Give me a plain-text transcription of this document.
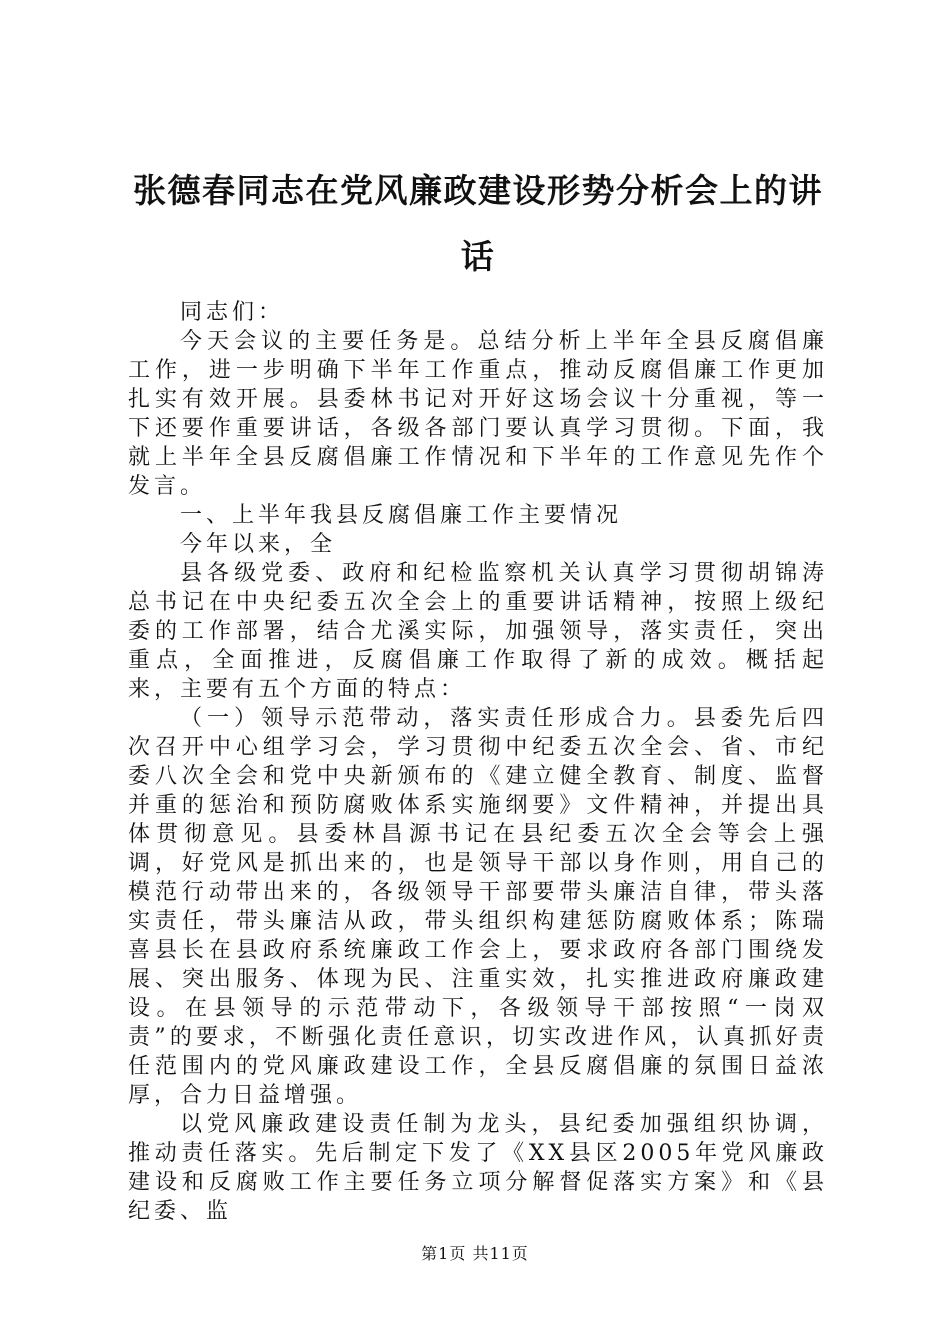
张德春同志在党风廉政建设形势分析会上的讲话

同志们：

今天会议的主要任务是。总结分析上半年全县反腐倡廉工作，进一步明确下半年工作重点，推动反腐倡廉工作更加扎实有效开展。县委林书记对开好这场会议十分重视，等一下还要作重要讲话，各级各部门要认真学习贯彻。下面，我就上半年全县反腐倡廉工作情况和下半年的工作意见先作个发言。

一、上半年我县反腐倡廉工作主要情况

今年以来，全

县各级党委、政府和纪检监察机关认真学习贯彻胡锦涛总书记在中央纪委五次全会上的重要讲话精神，按照上级纪委的工作部署，结合尤溪实际，加强领导，落实责任，突出重点，全面推进，反腐倡廉工作取得了新的成效。概括起来，主要有五个方面的特点：

（一）领导示范带动，落实责任形成合力。县委先后四次召开中心组学习会，学习贯彻中纪委五次全会、省、市纪委八次全会和党中央新颁布的《建立健全教育、制度、监督并重的惩治和预防腐败体系实施纲要》文件精神，并提出具体贯彻意见。县委林昌源书记在县纪委五次全会等会上强调，好党风是抓出来的，也是领导干部以身作则，用自己的模范行动带出来的，各级领导干部要带头廉洁自律，带头落实责任，带头廉洁从政，带头组织构建惩防腐败体系；陈瑞喜县长在县政府系统廉政工作会上，要求政府各部门围绕发展、突出服务、体现为民、注重实效，扎实推进政府廉政建设。在县领导的示范带动下，各级领导干部按照“一岗双责”的要求，不断强化责任意识，切实改进作风，认真抓好责任范围内的党风廉政建设工作，全县反腐倡廉的氛围日益浓厚，合力日益增强。

以党风廉政建设责任制为龙头，县纪委加强组织协调，推动责任落实。先后制定下发了《XX县区2005年党风廉政建设和反腐败工作主要任务立项分解督促落实方案》和《县纪委、监

第1页 共11页
